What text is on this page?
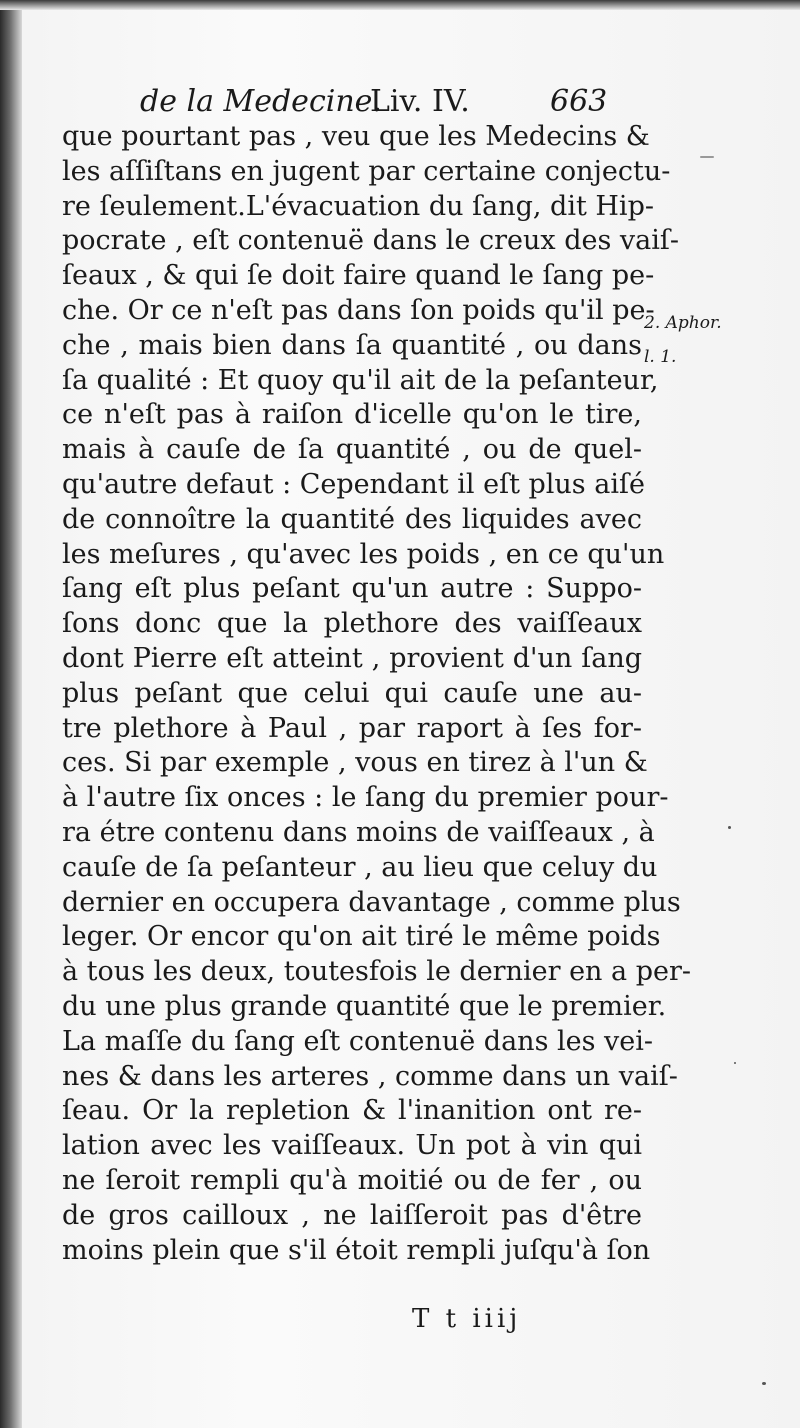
de la Medecine.
Liv. IV.	663
que pourtant pas , veu que les Medecins &
les aſſiſtans en jugent par certaine conjectu-
re ſeulement.L'évacuation du ſang, dit Hip-
pocrate , eſt contenuë dans le creux des vaiſ-
ſeaux , & qui ſe doit faire quand le ſang pe-
che. Or ce n'eſt pas dans ſon poids qu'il pe-
che , mais bien dans ſa quantité , ou dans
ſa qualité : Et quoy qu'il ait de la peſanteur,
ce n'eſt pas à raiſon d'icelle qu'on le tire,
mais à cauſe de ſa quantité , ou de quel-
qu'autre defaut : Cependant il eſt plus aiſé
de connoître la quantité des liquides avec
les meſures , qu'avec les poids , en ce qu'un
ſang eſt plus peſant qu'un autre : Suppo-
ſons donc que la plethore des vaiſſeaux
dont Pierre eſt atteint , provient d'un ſang
plus peſant que celui qui cauſe une au-
tre plethore à Paul , par raport à ſes for-
ces. Si par exemple , vous en tirez à l'un &
à l'autre ſix onces : le ſang du premier pour-
ra étre contenu dans moins de vaiſſeaux , à
cauſe de ſa peſanteur , au lieu que celuy du
dernier en occupera davantage , comme plus
leger. Or encor qu'on ait tiré le même poids
à tous les deux, toutesfois le dernier en a per-
du une plus grande quantité que le premier.
La maſſe du ſang eſt contenuë dans les vei-
nes & dans les arteres , comme dans un vaiſ-
ſeau. Or la repletion & l'inanition ont re-
lation avec les vaiſſeaux. Un pot à vin qui
ne ſeroit rempli qu'à moitié ou de fer , ou
de gros cailloux , ne laiſſeroit pas d'être
moins plein que s'il étoit rempli juſqu'à ſon
2. Aphor.
l. 1.
T t iiij
